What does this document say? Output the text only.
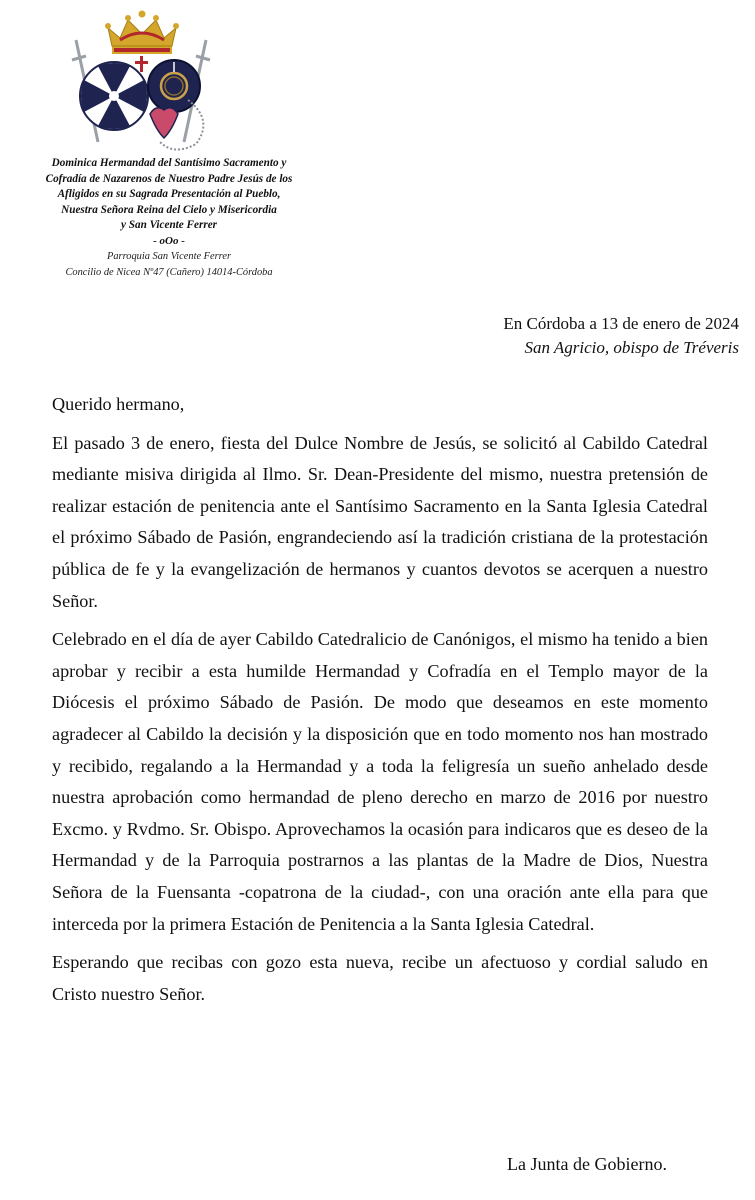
Dominica Hermandad del Santísimo Sacramento y
Cofradía de Nazarenos de Nuestro Padre Jesús de los
Afligidos en su Sagrada Presentación al Pueblo,
Nuestra Señora Reina del Cielo y Misericordia
y San Vicente Ferrer
- oOo -
Parroquia San Vicente Ferrer
Concilio de Nicea Nº47 (Cañero) 14014-Córdoba
En Córdoba a 13 de enero de 2024
San Agricio, obispo de Tréveris

Querido hermano,

El pasado 3 de enero, fiesta del Dulce Nombre de Jesús, se solicitó al Cabildo Catedral mediante misiva dirigida al Ilmo. Sr. Dean-Presidente del mismo, nuestra pretensión de realizar estación de penitencia ante el Santísimo Sacramento en la Santa Iglesia Catedral el próximo Sábado de Pasión, engrandeciendo así la tradición cristiana de la protestación pública de fe y la evangelización de hermanos y cuantos devotos se acerquen a nuestro Señor.

Celebrado en el día de ayer Cabildo Catedralicio de Canónigos, el mismo ha tenido a bien aprobar y recibir a esta humilde Hermandad y Cofradía en el Templo mayor de la Diócesis el próximo Sábado de Pasión. De modo que deseamos en este momento agradecer al Cabildo la decisión y la disposición que en todo momento nos han mostrado y recibido, regalando a la Hermandad y a toda la feligresía un sueño anhelado desde nuestra aprobación como hermandad de pleno derecho en marzo de 2016 por nuestro Excmo. y Rvdmo. Sr. Obispo. Aprovechamos la ocasión para indicaros que es deseo de la Hermandad y de la Parroquia postrarnos a las plantas de la Madre de Dios, Nuestra Señora de la Fuensanta -copatrona de la ciudad-, con una oración ante ella para que interceda por la primera Estación de Penitencia a la Santa Iglesia Catedral.

Esperando que recibas con gozo esta nueva, recibe un afectuoso y cordial saludo en Cristo nuestro Señor.

La Junta de Gobierno.
